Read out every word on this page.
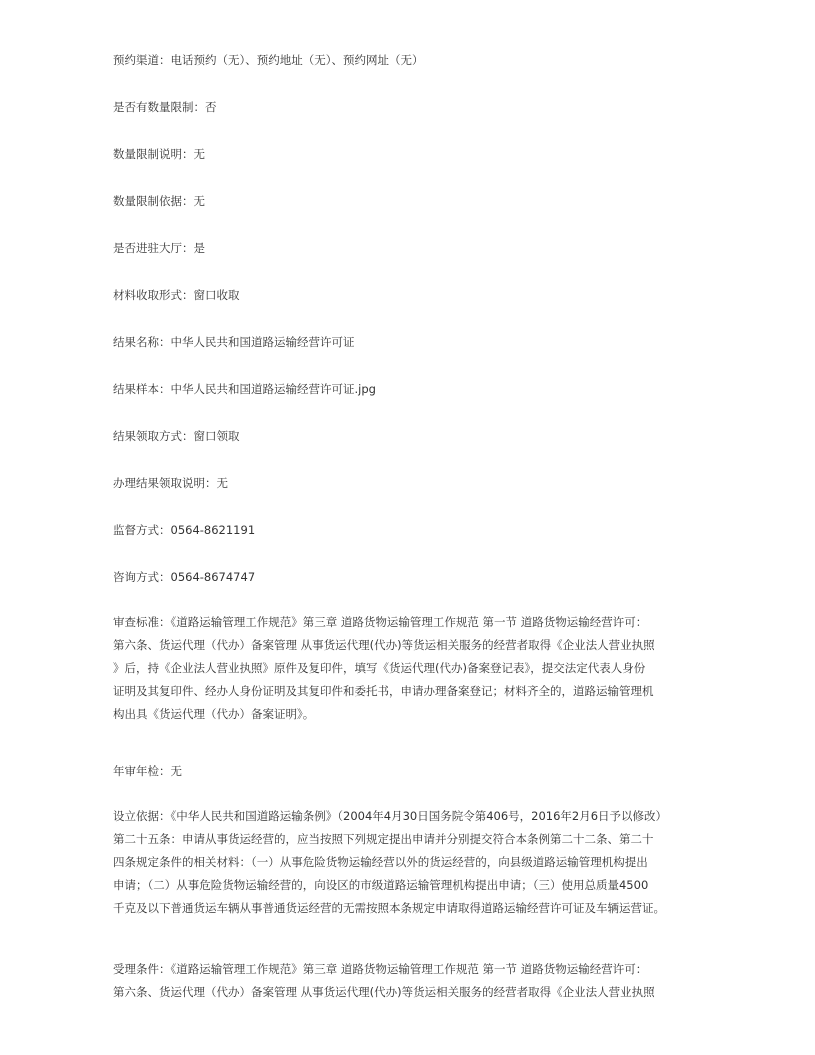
预约渠道：电话预约（无）、预约地址（无）、预约网址（无）
是否有数量限制：否
数量限制说明：无
数量限制依据：无
是否进驻大厅：是
材料收取形式：窗口收取
结果名称：中华人民共和国道路运输经营许可证
结果样本：中华人民共和国道路运输经营许可证.jpg
结果领取方式：窗口领取
办理结果领取说明：无
监督方式：0564-8621191
咨询方式：0564-8674747
审查标准：《道路运输管理工作规范》第三章 道路货物运输管理工作规范 第一节 道路货物运输经营许可：
第六条、货运代理（代办）备案管理 从事货运代理(代办)等货运相关服务的经营者取得《企业法人营业执照
》后，持《企业法人营业执照》原件及复印件，填写《货运代理(代办)备案登记表》，提交法定代表人身份
证明及其复印件、经办人身份证明及其复印件和委托书，申请办理备案登记；材料齐全的，道路运输管理机
构出具《货运代理（代办）备案证明》。
年审年检：无
设立依据：《中华人民共和国道路运输条例》（2004年4月30日国务院令第406号，2016年2月6日予以修改）
第二十五条：申请从事货运经营的，应当按照下列规定提出申请并分别提交符合本条例第二十二条、第二十
四条规定条件的相关材料：（一）从事危险货物运输经营以外的货运经营的，向县级道路运输管理机构提出
申请；（二）从事危险货物运输经营的，向设区的市级道路运输管理机构提出申请；（三）使用总质量4500
千克及以下普通货运车辆从事普通货运经营的无需按照本条规定申请取得道路运输经营许可证及车辆运营证。
受理条件：《道路运输管理工作规范》第三章 道路货物运输管理工作规范 第一节 道路货物运输经营许可：
第六条、货运代理（代办）备案管理 从事货运代理(代办)等货运相关服务的经营者取得《企业法人营业执照
